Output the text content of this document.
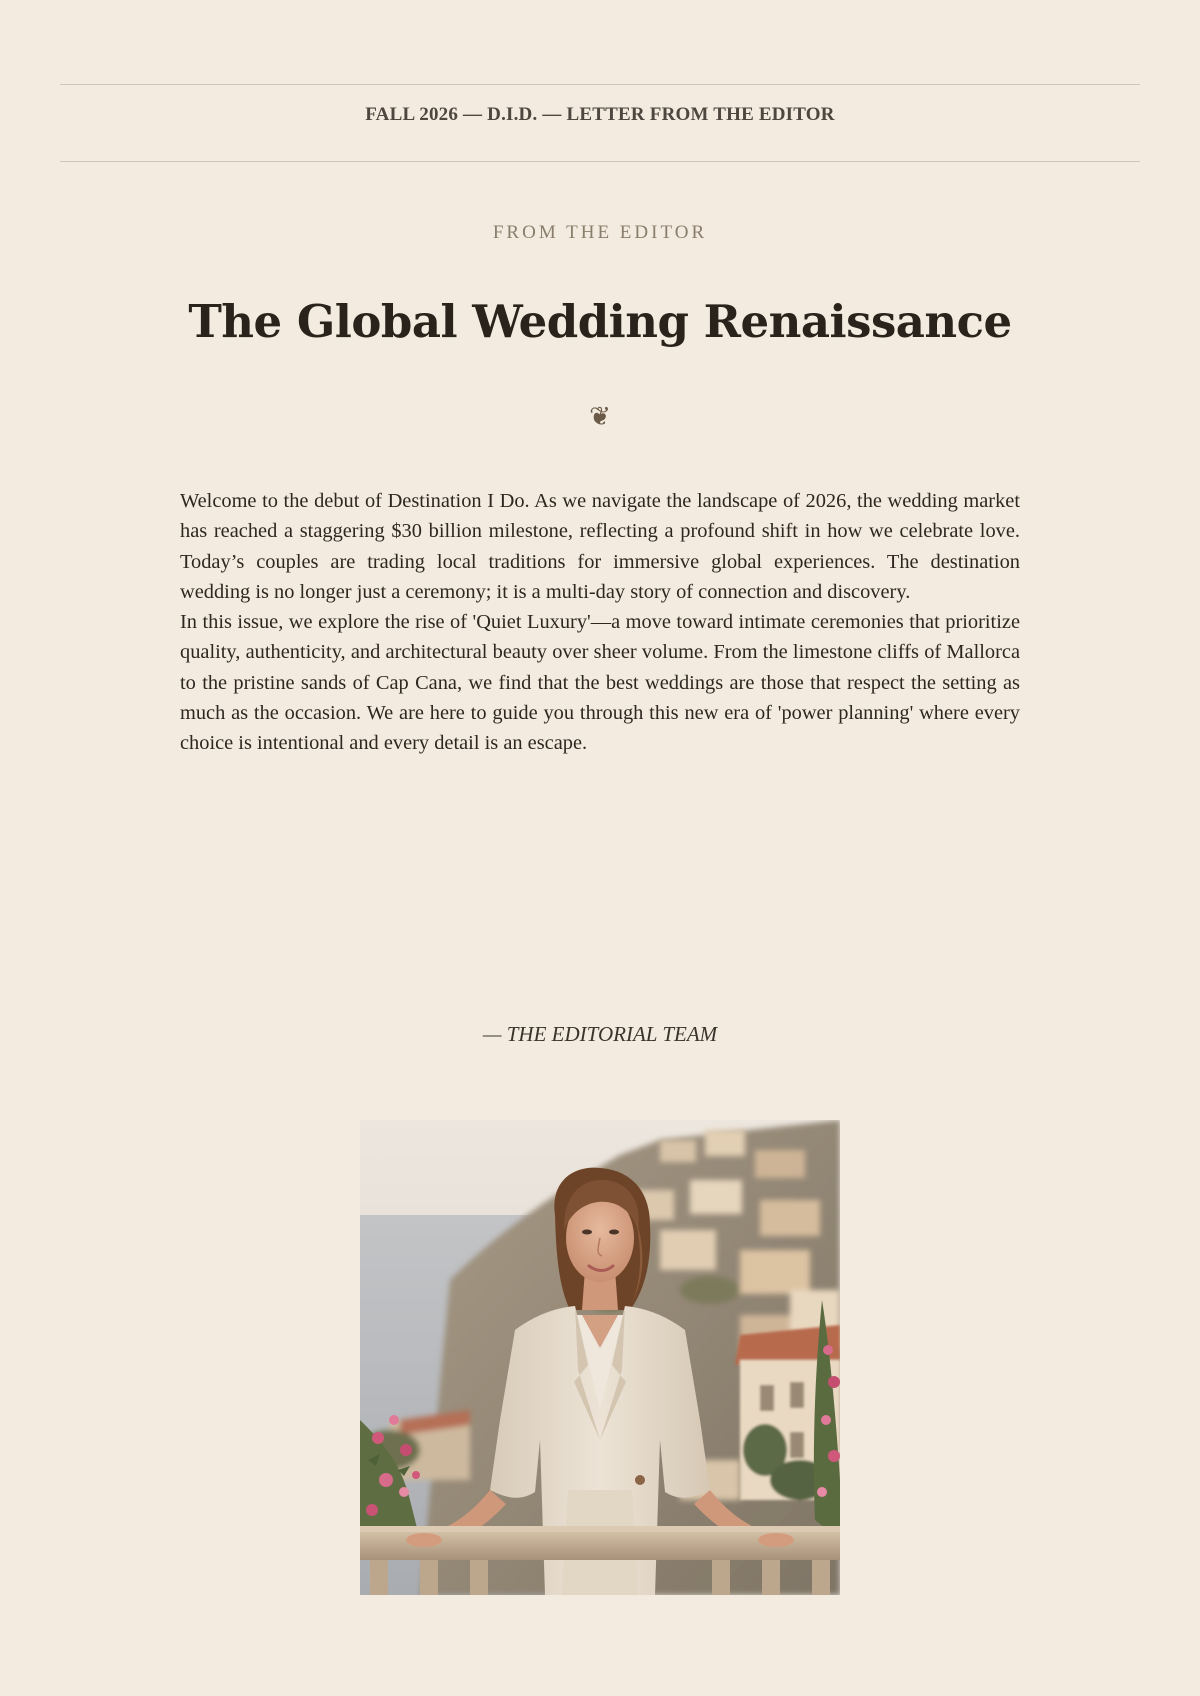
FALL 2026 — D.I.D. — LETTER FROM THE EDITOR
FROM THE EDITOR
The Global Wedding Renaissance
❦

Welcome to the debut of Destination I Do. As we navigate the landscape of 2026, the wedding market has reached a staggering $30 billion milestone, reflecting a profound shift in how we celebrate love. Today’s couples are trading local traditions for immersive global experiences. The destination wedding is no longer just a ceremony; it is a multi-day story of connection and discovery.

In this issue, we explore the rise of 'Quiet Luxury'—a move toward intimate ceremonies that prioritize quality, authenticity, and architectural beauty over sheer volume. From the limestone cliffs of Mallorca to the pristine sands of Cap Cana, we find that the best weddings are those that respect the setting as much as the occasion. We are here to guide you through this new era of 'power planning' where every choice is intentional and every detail is an escape.

— THE EDITORIAL TEAM
